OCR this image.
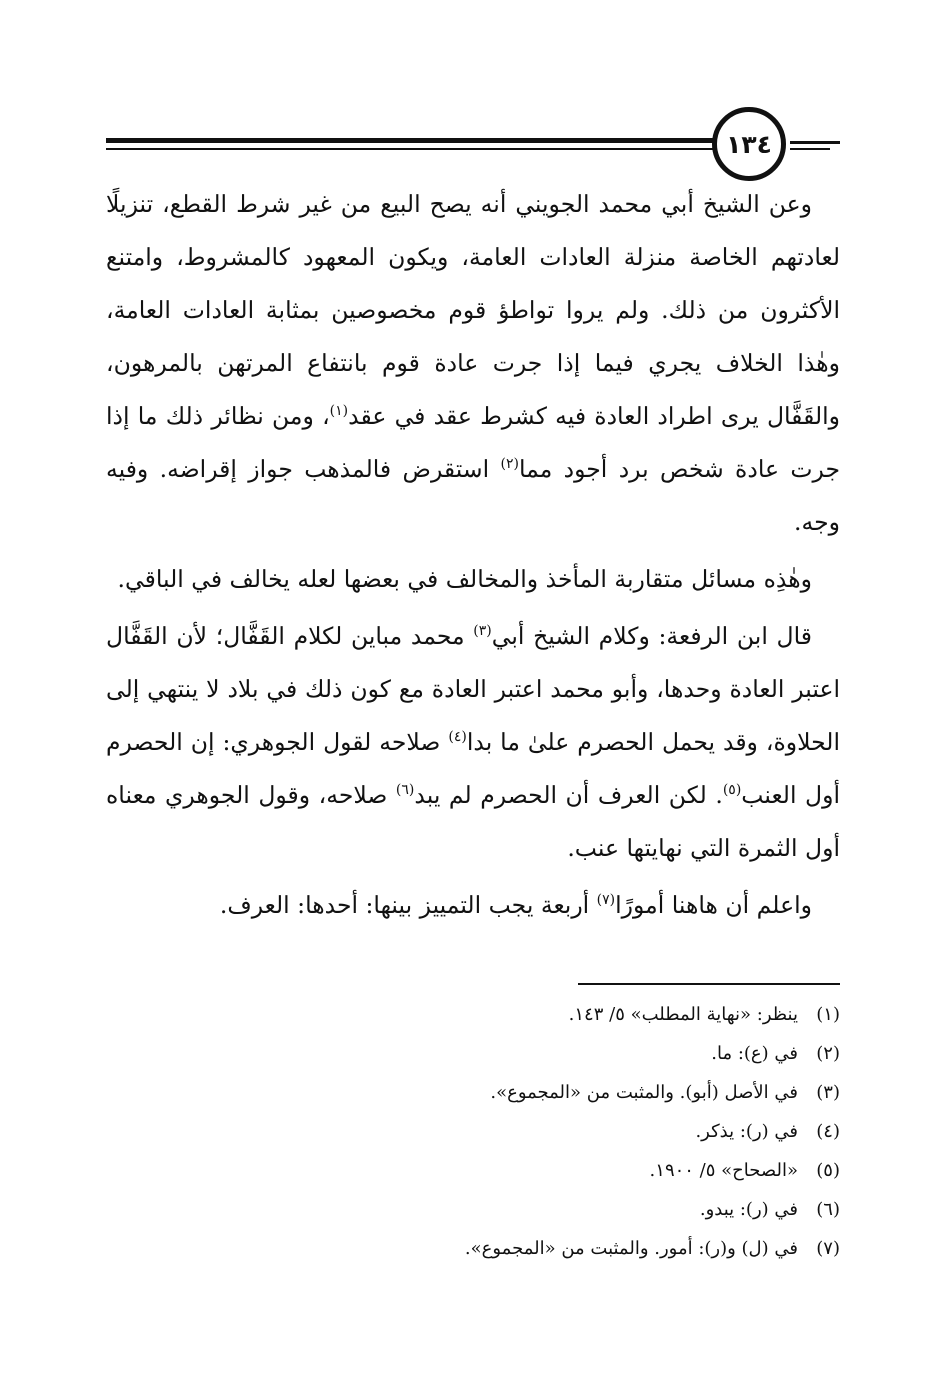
١٣٤

وعن الشيخ أبي محمد الجويني أنه يصح البيع من غير شرط القطع، تنزيلًا لعادتهم الخاصة منزلة العادات العامة، ويكون المعهود كالمشروط، وامتنع الأكثرون من ذلك. ولم يروا تواطؤ قوم مخصوصين بمثابة العادات العامة، وهٰذا الخلاف يجري فيما إذا جرت عادة قوم بانتفاع المرتهن بالمرهون، والقَفَّال يرى اطراد العادة فيه كشرط عقد في عقد$^{(١)}$، ومن نظائر ذلك ما إذا جرت عادة شخص برد أجود مما$^{(٢)}$ استقرض فالمذهب جواز إقراضه. وفيه وجه.

وهٰذِه مسائل متقاربة المأخذ والمخالف في بعضها لعله يخالف في الباقي.

قال ابن الرفعة: وكلام الشيخ أبي$^{(٣)}$ محمد مباين لكلام القَفَّال؛ لأن القَفَّال اعتبر العادة وحدها، وأبو محمد اعتبر العادة مع كون ذلك في بلاد لا ينتهي إلى الحلاوة، وقد يحمل الحصرم علىٰ ما بدا$^{(٤)}$ صلاحه لقول الجوهري: إن الحصرم أول العنب$^{(٥)}$. لكن العرف أن الحصرم لم يبد$^{(٦)}$ صلاحه، وقول الجوهري معناه أول الثمرة التي نهايتها عنب.

واعلم أن هاهنا أمورًا$^{(٧)}$ أربعة يجب التمييز بينها: أحدها: العرف.

(١)ينظر: «نهاية المطلب» ٥/ ١٤٣.

(٢)في (ع): ما.

(٣)في الأصل (أبو). والمثبت من «المجموع».

(٤)في (ر): يذكر.

(٥)«الصحاح» ٥/ ١٩٠٠.

(٦)في (ر): يبدو.

(٧)في (ل) و(ر): أمور. والمثبت من «المجموع».
